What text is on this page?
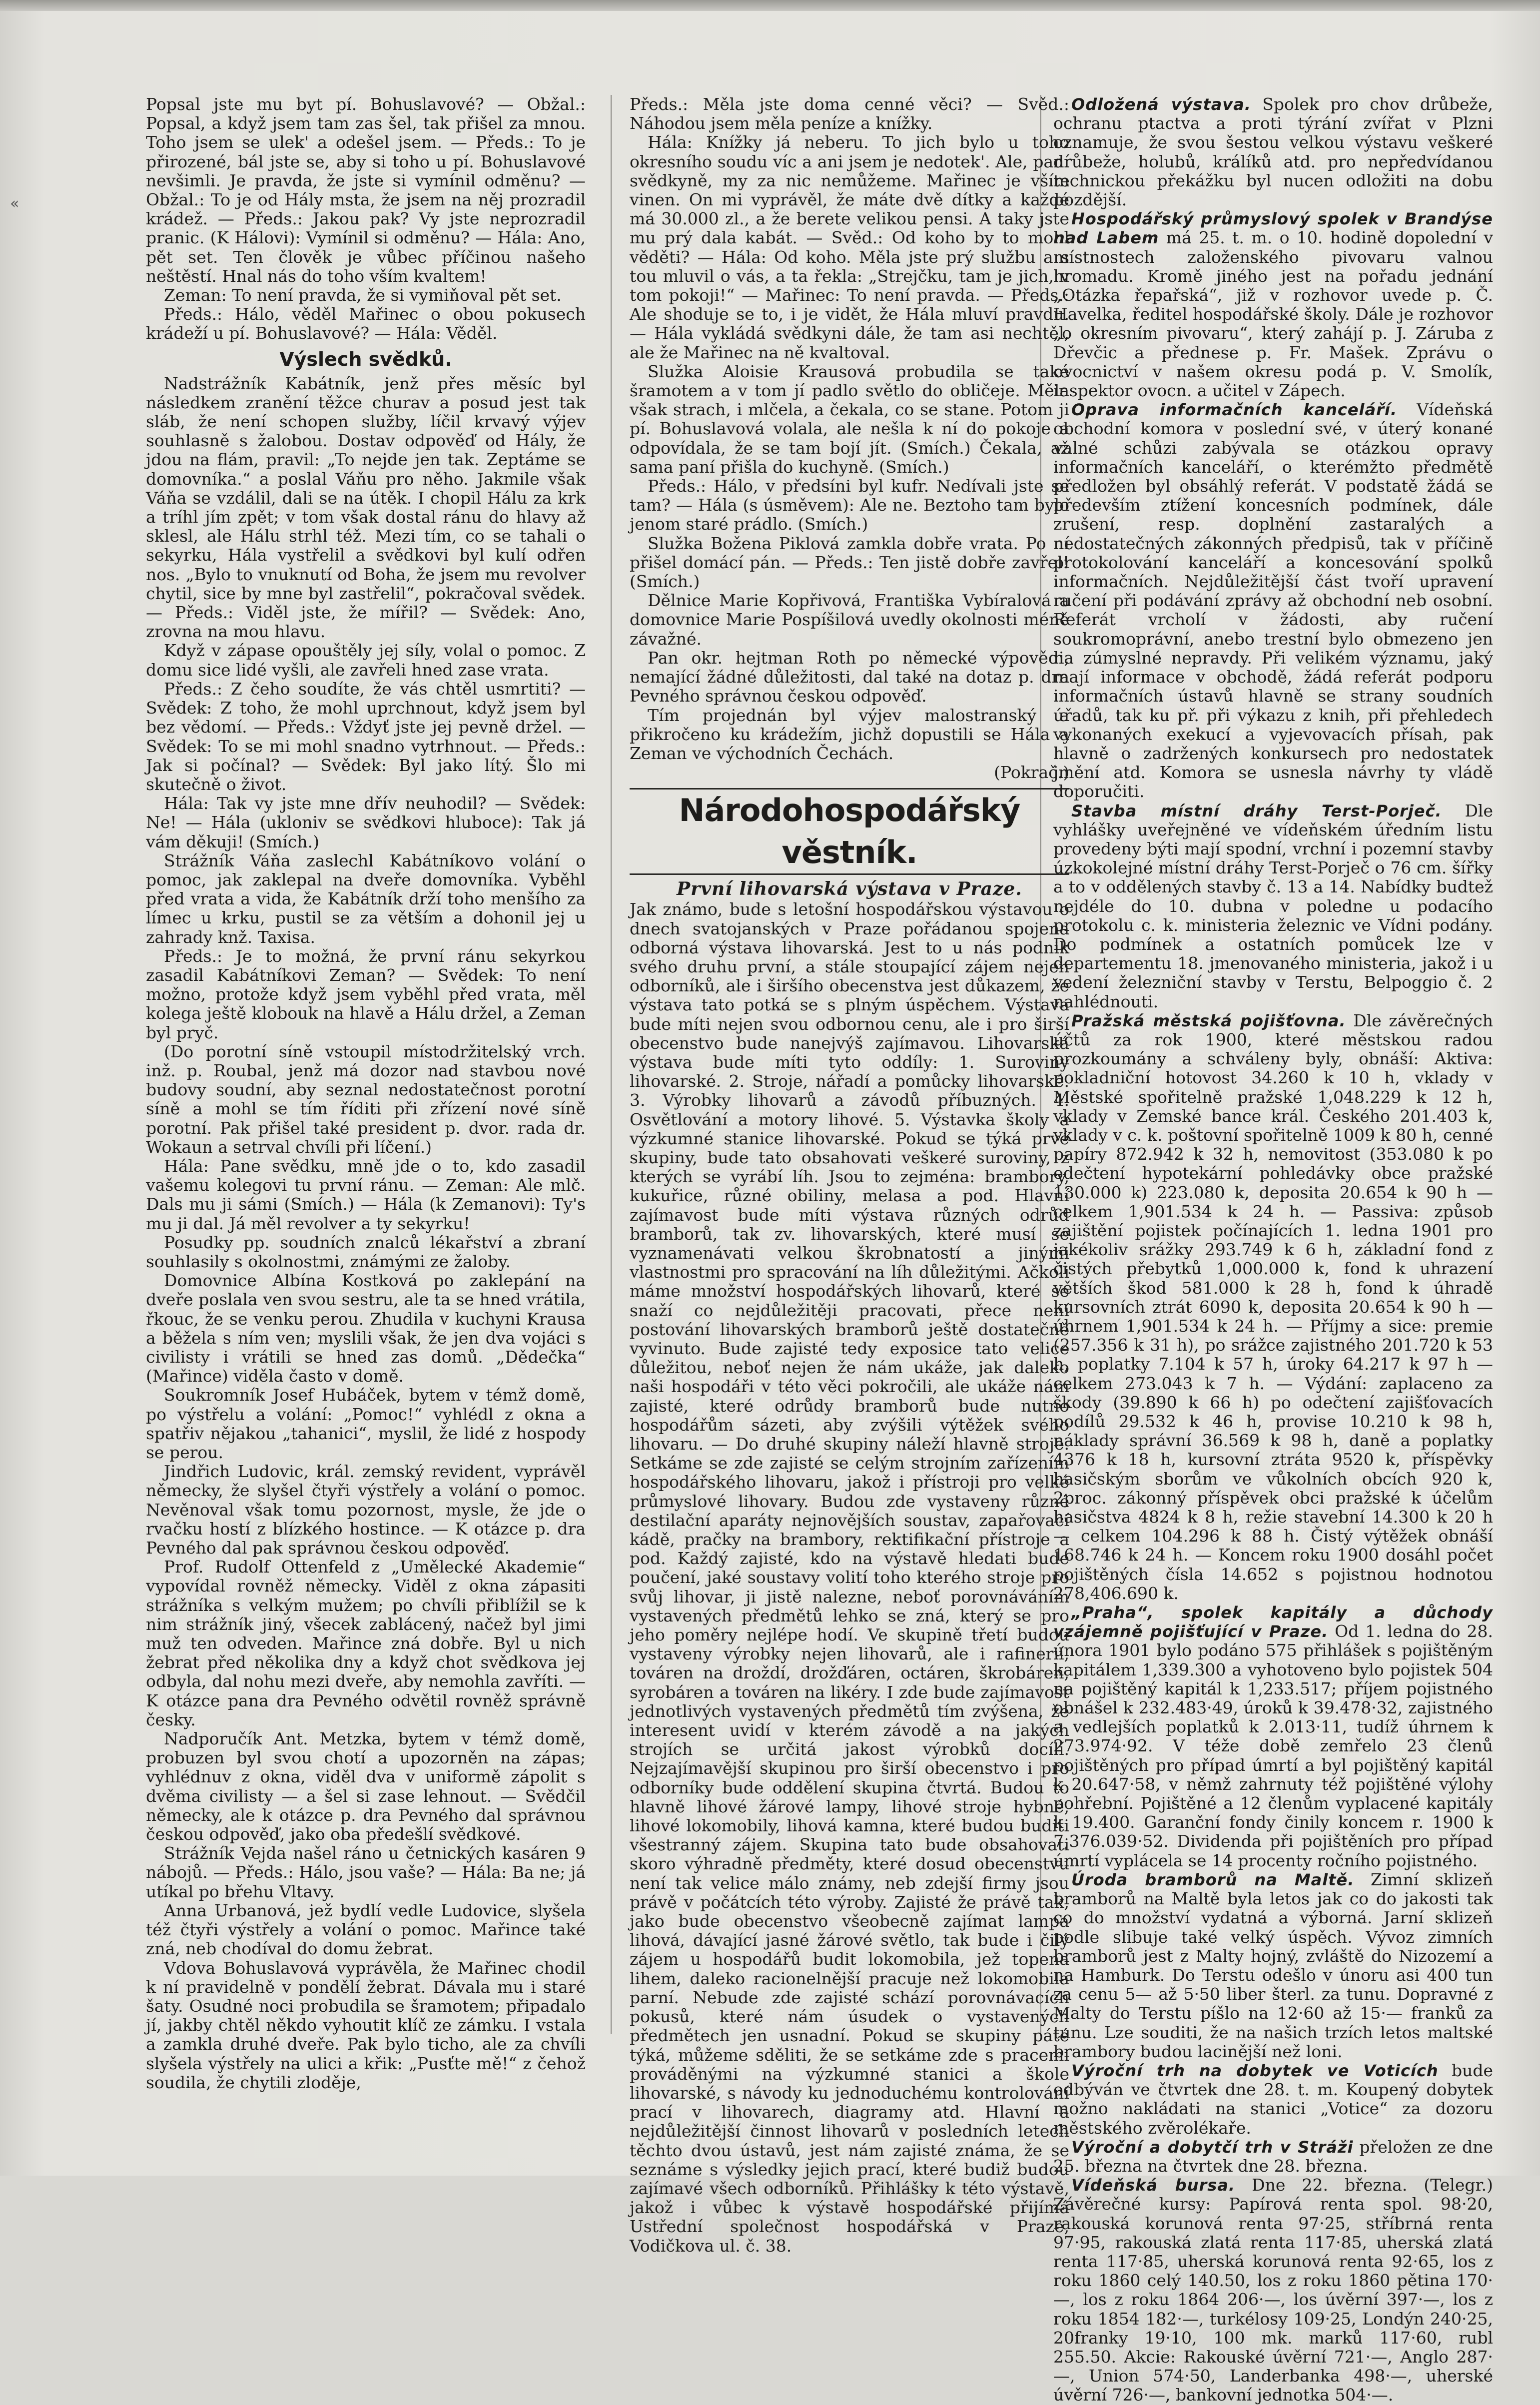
«

Popsal jste mu byt pí. Bohuslavové? — Obžal.: Popsal, a když jsem tam zas šel, tak přišel za mnou. Toho jsem se ulek' a odešel jsem. — Předs.: To je přirozené, bál jste se, aby si toho u pí. Bohuslavové nevšimli. Je pravda, že jste si vymínil odměnu? — Obžal.: To je od Hály msta, že jsem na něj prozradil krádež. — Předs.: Jakou pak? Vy jste neprozradil pranic. (K Hálovi): Vymínil si odměnu? — Hála: Ano, pět set. Ten člověk je vůbec příčinou našeho neštěstí. Hnal nás do toho vším kvaltem!

Zeman: To není pravda, že si vymiňoval pět set.

Předs.: Hálo, věděl Mařinec o obou pokusech krádeží u pí. Bohuslavové? — Hála: Věděl.

Výslech svědků.

Nadstrážník Kabátník, jenž přes měsíc byl následkem zranění těžce churav a posud jest tak sláb, že není schopen služby, líčil krvavý výjev souhlasně s žalobou. Dostav odpověď od Hály, že jdou na flám, pravil: „To nejde jen tak. Zeptáme se domovníka.“ a poslal Váňu pro něho. Jakmile však Váňa se vzdálil, dali se na útěk. I chopil Hálu za krk a tríhl jím zpět; v tom však dostal ránu do hlavy až sklesl, ale Hálu strhl též. Mezi tím, co se tahali o sekyrku, Hála vystřelil a svědkovi byl kulí odřen nos. „Bylo to vnuknutí od Boha, že jsem mu revolver chytil, sice by mne byl zastřelil“, pokračoval svědek. — Předs.: Viděl jste, že mířil? — Svědek: Ano, zrovna na mou hlavu.

Když v zápase opouštěly jej síly, volal o pomoc. Z domu sice lidé vyšli, ale zavřeli hned zase vrata.

Předs.: Z čeho soudíte, že vás chtěl usmrtiti? — Svědek: Z toho, že mohl uprchnout, když jsem byl bez vědomí. — Předs.: Vždyť jste jej pevně držel. — Svědek: To se mi mohl snadno vytrhnout. — Předs.: Jak si počínal? — Svědek: Byl jako lítý. Šlo mi skutečně o život.

Hála: Tak vy jste mne dřív neuhodil? — Svědek: Ne! — Hála (ukloniv se svědkovi hluboce): Tak já vám děkuji! (Smích.)

Strážník Váňa zaslechl Kabátníkovo volání o pomoc, jak zaklepal na dveře domovníka. Vyběhl před vrata a vida, že Kabátník drží toho menšího za límec u krku, pustil se za větším a dohonil jej u zahrady knž. Taxisa.

Předs.: Je to možná, že první ránu sekyrkou zasadil Kabátníkovi Zeman? — Svědek: To není možno, protože když jsem vyběhl před vrata, měl kolega ještě klobouk na hlavě a Hálu držel, a Zeman byl pryč.

(Do porotní síně vstoupil místodržitelský vrch. inž. p. Roubal, jenž má dozor nad stavbou nové budovy soudní, aby seznal nedostatečnost porotní síně a mohl se tím říditi při zřízení nové síně porotní. Pak přišel také president p. dvor. rada dr. Wokaun a setrval chvíli při líčení.)

Hála: Pane svědku, mně jde o to, kdo zasadil vašemu kolegovi tu první ránu. — Zeman: Ale mlč. Dals mu ji sámi (Smích.) — Hála (k Zemanovi): Ty's mu ji dal. Já měl revolver a ty sekyrku!

Posudky pp. soudních znalců lékařství a zbraní souhlasily s okolnostmi, známými ze žaloby.

Domovnice Albína Kostková po zaklepání na dveře poslala ven svou sestru, ale ta se hned vrátila, řkouc, že se venku perou. Zhudila v kuchyni Krausa a běžela s ním ven; myslili však, že jen dva vojáci s civilisty i vrátili se hned zas domů. „Dědečka“ (Mařince) viděla často v domě.

Soukromník Josef Hubáček, bytem v témž domě, po výstřelu a volání: „Pomoc!“ vyhlédl z okna a spatřiv nějakou „tahanici“, myslil, že lidé z hospody se perou.

Jindřich Ludovic, král. zemský revident, vyprávěl německy, že slyšel čtyři výstřely a volání o pomoc. Nevěnoval však tomu pozornost, mysle, že jde o rvačku hostí z blízkého hostince. — K otázce p. dra Pevného dal pak správnou českou odpověď.

Prof. Rudolf Ottenfeld z „Umělecké Akademie“ vypovídal rovněž německy. Viděl z okna zápasiti strážníka s velkým mužem; po chvíli přiblížil se k nim strážník jiný, všecek zablácený, načež byl jimi muž ten odveden. Mařince zná dobře. Byl u nich žebrat před několika dny a když chot svědkova jej odbyla, dal nohu mezi dveře, aby nemohla zavříti. — K otázce pana dra Pevného odvětil rovněž správně česky.

Nadporučík Ant. Metzka, bytem v témž domě, probuzen byl svou chotí a upozorněn na zápas; vyhlédnuv z okna, viděl dva v uniformě zápolit s dvěma civilisty — a šel si zase lehnout. — Svědčil německy, ale k otázce p. dra Pevného dal správnou českou odpověď, jako oba předešlí svědkové.

Strážník Vejda našel ráno u četnických kasáren 9 nábojů. — Předs.: Hálo, jsou vaše? — Hála: Ba ne; já utíkal po břehu Vltavy.

Anna Urbanová, jež bydlí vedle Ludovice, slyšela též čtyři výstřely a volání o pomoc. Mařince také zná, neb chodíval do domu žebrat.

Vdova Bohuslavová vyprávěla, že Mařinec chodil k ní pravidelně v pondělí žebrat. Dávala mu i staré šaty. Osudné noci probudila se šramotem; připadalo jí, jakby chtěl někdo vyhoutit klíč ze zámku. I vstala a zamkla druhé dveře. Pak bylo ticho, ale za chvíli slyšela výstřely na ulici a křik: „Pusťte mě!“ z čehož soudila, že chytili zloděje,

Předs.: Měla jste doma cenné věci? — Svěd.: Náhodou jsem měla peníze a knížky.

Hála: Knížky já neberu. To jich bylo u toho okresního soudu víc a ani jsem je nedotek'. Ale, paní svědkyně, my za nic nemůžeme. Mařinec je vším vinen. On mi vyprávěl, že máte dvě dítky a každé má 30.000 zl., a že berete velikou pensi. A taky jste mu prý dala kabát. — Svěd.: Od koho by to mohl věděti? — Hála: Od koho. Měla jste prý službu a s tou mluvil o vás, a ta řekla: „Strejčku, tam je jich, v tom pokoji!“ — Mařinec: To není pravda. — Předs.: Ale shoduje se to, i je vidět, že Hála mluví pravdu. — Hála vykládá svědkyni dále, že tam asi nechtěl, ale že Mařinec na ně kvaltoval.

Služka Aloisie Krausová probudila se také šramotem a v tom jí padlo světlo do obličeje. Měla však strach, i mlčela, a čekala, co se stane. Potom ji pí. Bohuslavová volala, ale nešla k ní do pokoje a odpovídala, že se tam bojí jít. (Smích.) Čekala, až sama paní přišla do kuchyně. (Smích.)

Předs.: Hálo, v předsíni byl kufr. Nedívali jste se tam? — Hála (s úsměvem): Ale ne. Beztoho tam bylo jenom staré prádlo. (Smích.)

Služka Božena Piklová zamkla dobře vrata. Po ní přišel domácí pán. — Předs.: Ten jistě dobře zavřel! (Smích.)

Dělnice Marie Kopřivová, Františka Vybíralová a domovnice Marie Pospíšilová uvedly okolnosti méně závažné.

Pan okr. hejtman Roth po německé výpovědi, nemající žádné důležitosti, dal také na dotaz p. dra Pevného správnou českou odpověď.

Tím projednán byl výjev malostranský a přikročeno ku krádežím, jichž dopustili se Hála a Zeman ve východních Čechách.

(Pokrač.)
Národohospodářský věstník.
První lihovarská výstava v Praze.

Jak známo, bude s letošní hospodářskou výstavou o dnech svatojanských v Praze pořádanou spojena odborná výstava lihovarská. Jest to u nás podnik svého druhu první, a stále stoupající zájem nejen odborníků, ale i širšího obecenstva jest důkazem, že výstava tato potká se s plným úspěchem. Výstava bude míti nejen svou odbornou cenu, ale i pro širší obecenstvo bude nanejvýš zajímavou. Lihovarská výstava bude míti tyto oddíly: 1. Suroviny lihovarské. 2. Stroje, nářadí a pomůcky lihovarské. 3. Výrobky lihovarů a závodů příbuzných. 4. Osvětlování a motory lihové. 5. Výstavka školy a výzkumné stanice lihovarské. Pokud se týká prvé skupiny, bude tato obsahovati veškeré suroviny, z kterých se vyrábí líh. Jsou to zejména: brambory, kukuřice, různé obiliny, melasa a pod. Hlavní zajímavost bude míti výstava různých odrůd bramborů, tak zv. lihovarských, které musí se vyznamenávati velkou škrobnatostí a jinými vlastnostmi pro spracování na líh důležitými. Ačkoli máme množství hospodářských lihovarů, které se snaží co nejdůležitěji pracovati, přece není postování lihovarských bramborů ještě dostatečně vyvinuto. Bude zajisté tedy exposice tato velice důležitou, neboť nejen že nám ukáže, jak daleko naši hospodáři v této věci pokročili, ale ukáže nám zajisté, které odrůdy bramborů bude nutno hospodářům sázeti, aby zvýšili výtěžek svého lihovaru. — Do druhé skupiny náleží hlavně stroje. Setkáme se zde zajisté se celým strojním zařízením hospodářského lihovaru, jakož i přístroji pro velké průmyslové lihovary. Budou zde vystaveny různé destilační aparáty nejnovějších soustav, zapařovací kádě, pračky na brambory, rektifikační přístroje a pod. Každý zajisté, kdo na výstavě hledati bude poučení, jaké soustavy volití toho kterého stroje pro svůj lihovar, ji jistě nalezne, neboť porovnáváním vystavených předmětů lehko se zná, který se pro jeho poměry nejlépe hodí. Ve skupině třetí budou vystaveny výrobky nejen lihovarů, ale i rafinerií, továren na droždí, drožďáren, octáren, škrobáren, syrobáren a továren na likéry. I zde bude zajímavost jednotlivých vystavených předmětů tím zvýšena, že interesent uvidí v kterém závodě a na jakých strojích se určitá jakost výrobků docílí. Nejzajímavější skupinou pro širší obecenstvo i pro odborníky bude oddělení skupina čtvrtá. Budou to hlavně lihové žárové lampy, lihové stroje hybné, lihové lokomobily, lihová kamna, které budou buditi všestranný zájem. Skupina tato bude obsahovati skoro výhradně předměty, které dosud obecenstvu není tak velice málo známy, neb zdejší firmy jsou právě v počátcích této výroby. Zajisté že právě tak, jako bude obecenstvo všeobecně zajímat lampa lihová, dávající jasné žárové světlo, tak bude i čilý zájem u hospodářů budit lokomobila, jež topena lihem, daleko racionelnější pracuje než lokomobila parní. Nebude zde zajisté schází porovnávacích pokusů, které nám úsudek o vystavených předmětech jen usnadní. Pokud se skupiny páté týká, můžeme sděliti, že se setkáme zde s pracemi prováděnými na výzkumné stanici a škole lihovarské, s návody ku jednoduchému kontrolování prací v lihovarech, diagramy atd. Hlavní a nejdůležitější činnost lihovarů v posledních letech těchto dvou ústavů, jest nám zajisté známa, že se seznáme s výsledky jejich prací, které budiž budou zajímavé všech odborníků. Přihlášky k této výstavě, jakož i vůbec k výstavě hospodářské přijímá Ustřední společnost hospodářská v Praze, Vodičkova ul. č. 38.

Odložená výstava. Spolek pro chov drůbeže, ochranu ptactva a proti týrání zvířat v Plzni oznamuje, že svou šestou velkou výstavu veškeré drůbeže, holubů, králíků atd. pro nepředvídanou technickou překážku byl nucen odložiti na dobu pozdější.

Hospodářský průmyslový spolek v Brandýse nad Labem má 25. t. m. o 10. hodině dopolední v místnostech založenského pivovaru valnou hromadu. Kromě jiného jest na pořadu jednání „Otázka řepařská“, již v rozhovor uvede p. Č. Havelka, ředitel hospodářské školy. Dále je rozhovor „o okresním pivovaru“, který zahájí p. J. Záruba z Dřevčic a přednese p. Fr. Mašek. Zprávu o ovocnictví v našem okresu podá p. V. Smolík, inspektor ovocn. a učitel v Zápech.

Oprava informačních kanceláří. Vídeňská obchodní komora v poslední své, v úterý konané valné schůzi zabývala se otázkou opravy informačních kanceláří, o kterémžto předmětě předložen byl obsáhlý referát. V podstatě žádá se především ztížení koncesních podmínek, dále zrušení, resp. doplnění zastaralých a nedostatečných zákonných předpisů, tak v příčině protokolování kanceláří a koncesování spolků informačních. Nejdůležitější část tvoří upravení ručení při podávání zprávy až obchodní neb osobní. Referát vrcholí v žádosti, aby ručení soukromoprávní, anebo trestní bylo obmezeno jen na zúmyslné nepravdy. Při velikém významu, jaký mají informace v obchodě, žádá referát podporu informačních ústavů hlavně se strany soudních úřadů, tak ku př. při výkazu z knih, při přehledech vykonaných exekucí a vyjevovacích přísah, pak hlavně o zadržených konkursech pro nedostatek jmění atd. Komora se usnesla návrhy ty vládě doporučiti.

Stavba místní dráhy Terst-Porječ. Dle vyhlášky uveřejněné ve vídeňském úředním listu provedeny býti mají spodní, vrchní i pozemní stavby úzkokolejné místní dráhy Terst-Porječ o 76 cm. šířky a to v oddělených stavby č. 13 a 14. Nabídky budtež nejdéle do 10. dubna v poledne u podacího protokolu c. k. ministeria železnic ve Vídni podány. Do podmínek a ostatních pomůcek lze v departementu 18. jmenovaného ministeria, jakož i u vedení železniční stavby v Terstu, Belpoggio č. 2 nahlédnouti.

Pražská městská pojišťovna. Dle závěrečných účtů za rok 1900, které městskou radou prozkoumány a schváleny byly, obnáší: Aktiva: pokladniční hotovost 34.260 k 10 h, vklady v Městské spořitelně pražské 1,048.229 k 12 h, vklady v Zemské bance král. Českého 201.403 k, vklady v c. k. poštovní spořitelně 1009 k 80 h, cenné papíry 872.942 k 32 h, nemovitost (353.080 k po odečtení hypotekární pohledávky obce pražské 130.000 k) 223.080 k, deposita 20.654 k 90 h — celkem 1,901.534 k 24 h. — Passiva: způsob zajištění pojistek počínajících 1. ledna 1901 pro jakékoliv srážky 293.749 k 6 h, základní fond z čistých přebytků 1,000.000 k, fond k uhrazení větších škod 581.000 k 28 h, fond k úhradě kursovních ztrát 6090 k, deposita 20.654 k 90 h — úhrnem 1,901.534 k 24 h. — Příjmy a sice: premie (257.356 k 31 h), po srážce zajistného 201.720 k 53 h, poplatky 7.104 k 57 h, úroky 64.217 k 97 h — celkem 273.043 k 7 h. — Výdání: zaplaceno za škody (39.890 k 66 h) po odečtení zajišťovacích podílů 29.532 k 46 h, provise 10.210 k 98 h, náklady správní 36.569 k 98 h, daně a poplatky 4376 k 18 h, kursovní ztráta 9520 k, příspěvky hasičským sborům ve vůkolních obcích 920 k, 2proc. zákonný příspěvek obci pražské k účelům hasičstva 4824 k 8 h, režie stavební 14.300 k 20 h — celkem 104.296 k 88 h. Čistý výtěžek obnáší 168.746 k 24 h. — Koncem roku 1900 dosáhl počet pojištěných čísla 14.652 s pojistnou hodnotou 278,406.690 k.

„Praha“, spolek kapitály a důchody vzájemně pojišťující v Praze. Od 1. ledna do 28. února 1901 bylo podáno 575 přihlášek s pojištěným kapitálem 1,339.300 a vyhotoveno bylo pojistek 504 na pojištěný kapitál k 1,233.517; příjem pojistného obnášel k 232.483·49, úroků k 39.478·32, zajistného a vedlejších poplatků k 2.013·11, tudíž úhrnem k 273.974·92. V téže době zemřelo 23 členů pojištěných pro případ úmrtí a byl pojištěný kapitál k 20.647·58, v němž zahrnuty též pojištěné výlohy pohřební. Pojištěné a 12 členům vyplacené kapitály k 19.400. Garanční fondy činily koncem r. 1900 k 7,376.039·52. Dividenda při pojištěních pro případ úmrtí vyplácela se 14 procenty ročního pojistného.

Úroda bramborů na Maltě. Zimní sklizeň bramborů na Maltě byla letos jak co do jakosti tak co do množství vydatná a výborná. Jarní sklizeň podle slibuje také velký úspěch. Vývoz zimních bramborů jest z Malty hojný, zvláště do Nizozemí a na Hamburk. Do Terstu odešlo v únoru asi 400 tun za cenu 5— až 5·50 liber šterl. za tunu. Dopravné z Malty do Terstu píšlo na 12·60 až 15·— franků za tunu. Lze souditi, že na našich trzích letos maltské brambory budou lacinější než loni.

Výroční trh na dobytek ve Voticích bude odbýván ve čtvrtek dne 28. t. m. Koupený dobytek možno nakládati na stanici „Votice“ za dozoru městského zvěrolékaře.

Výroční a dobytčí trh v Stráži přeložen ze dne 25. března na čtvrtek dne 28. března.

Vídeňská bursa. Dne 22. března. (Telegr.) Závěrečné kursy: Papírová renta spol. 98·20, rakouská korunová renta 97·25, stříbrná renta 97·95, rakouská zlatá renta 117·85, uherská zlatá renta 117·85, uherská korunová renta 92·65, los z roku 1860 celý 140.50, los z roku 1860 pětina 170·—, los z roku 1864 206·—, los úvěrní 397·—, los z roku 1854 182·—, turkélosy 109·25, Londýn 240·25, 20franky 19·10, 100 mk. marků 117·60, rubl 255.50. Akcie: Rakouské úvěrní 721·—, Anglo 287·—, Union 574·50, Landerbanka 498·—, uherské úvěrní 726·—, bankovní jednotka 504·—.
